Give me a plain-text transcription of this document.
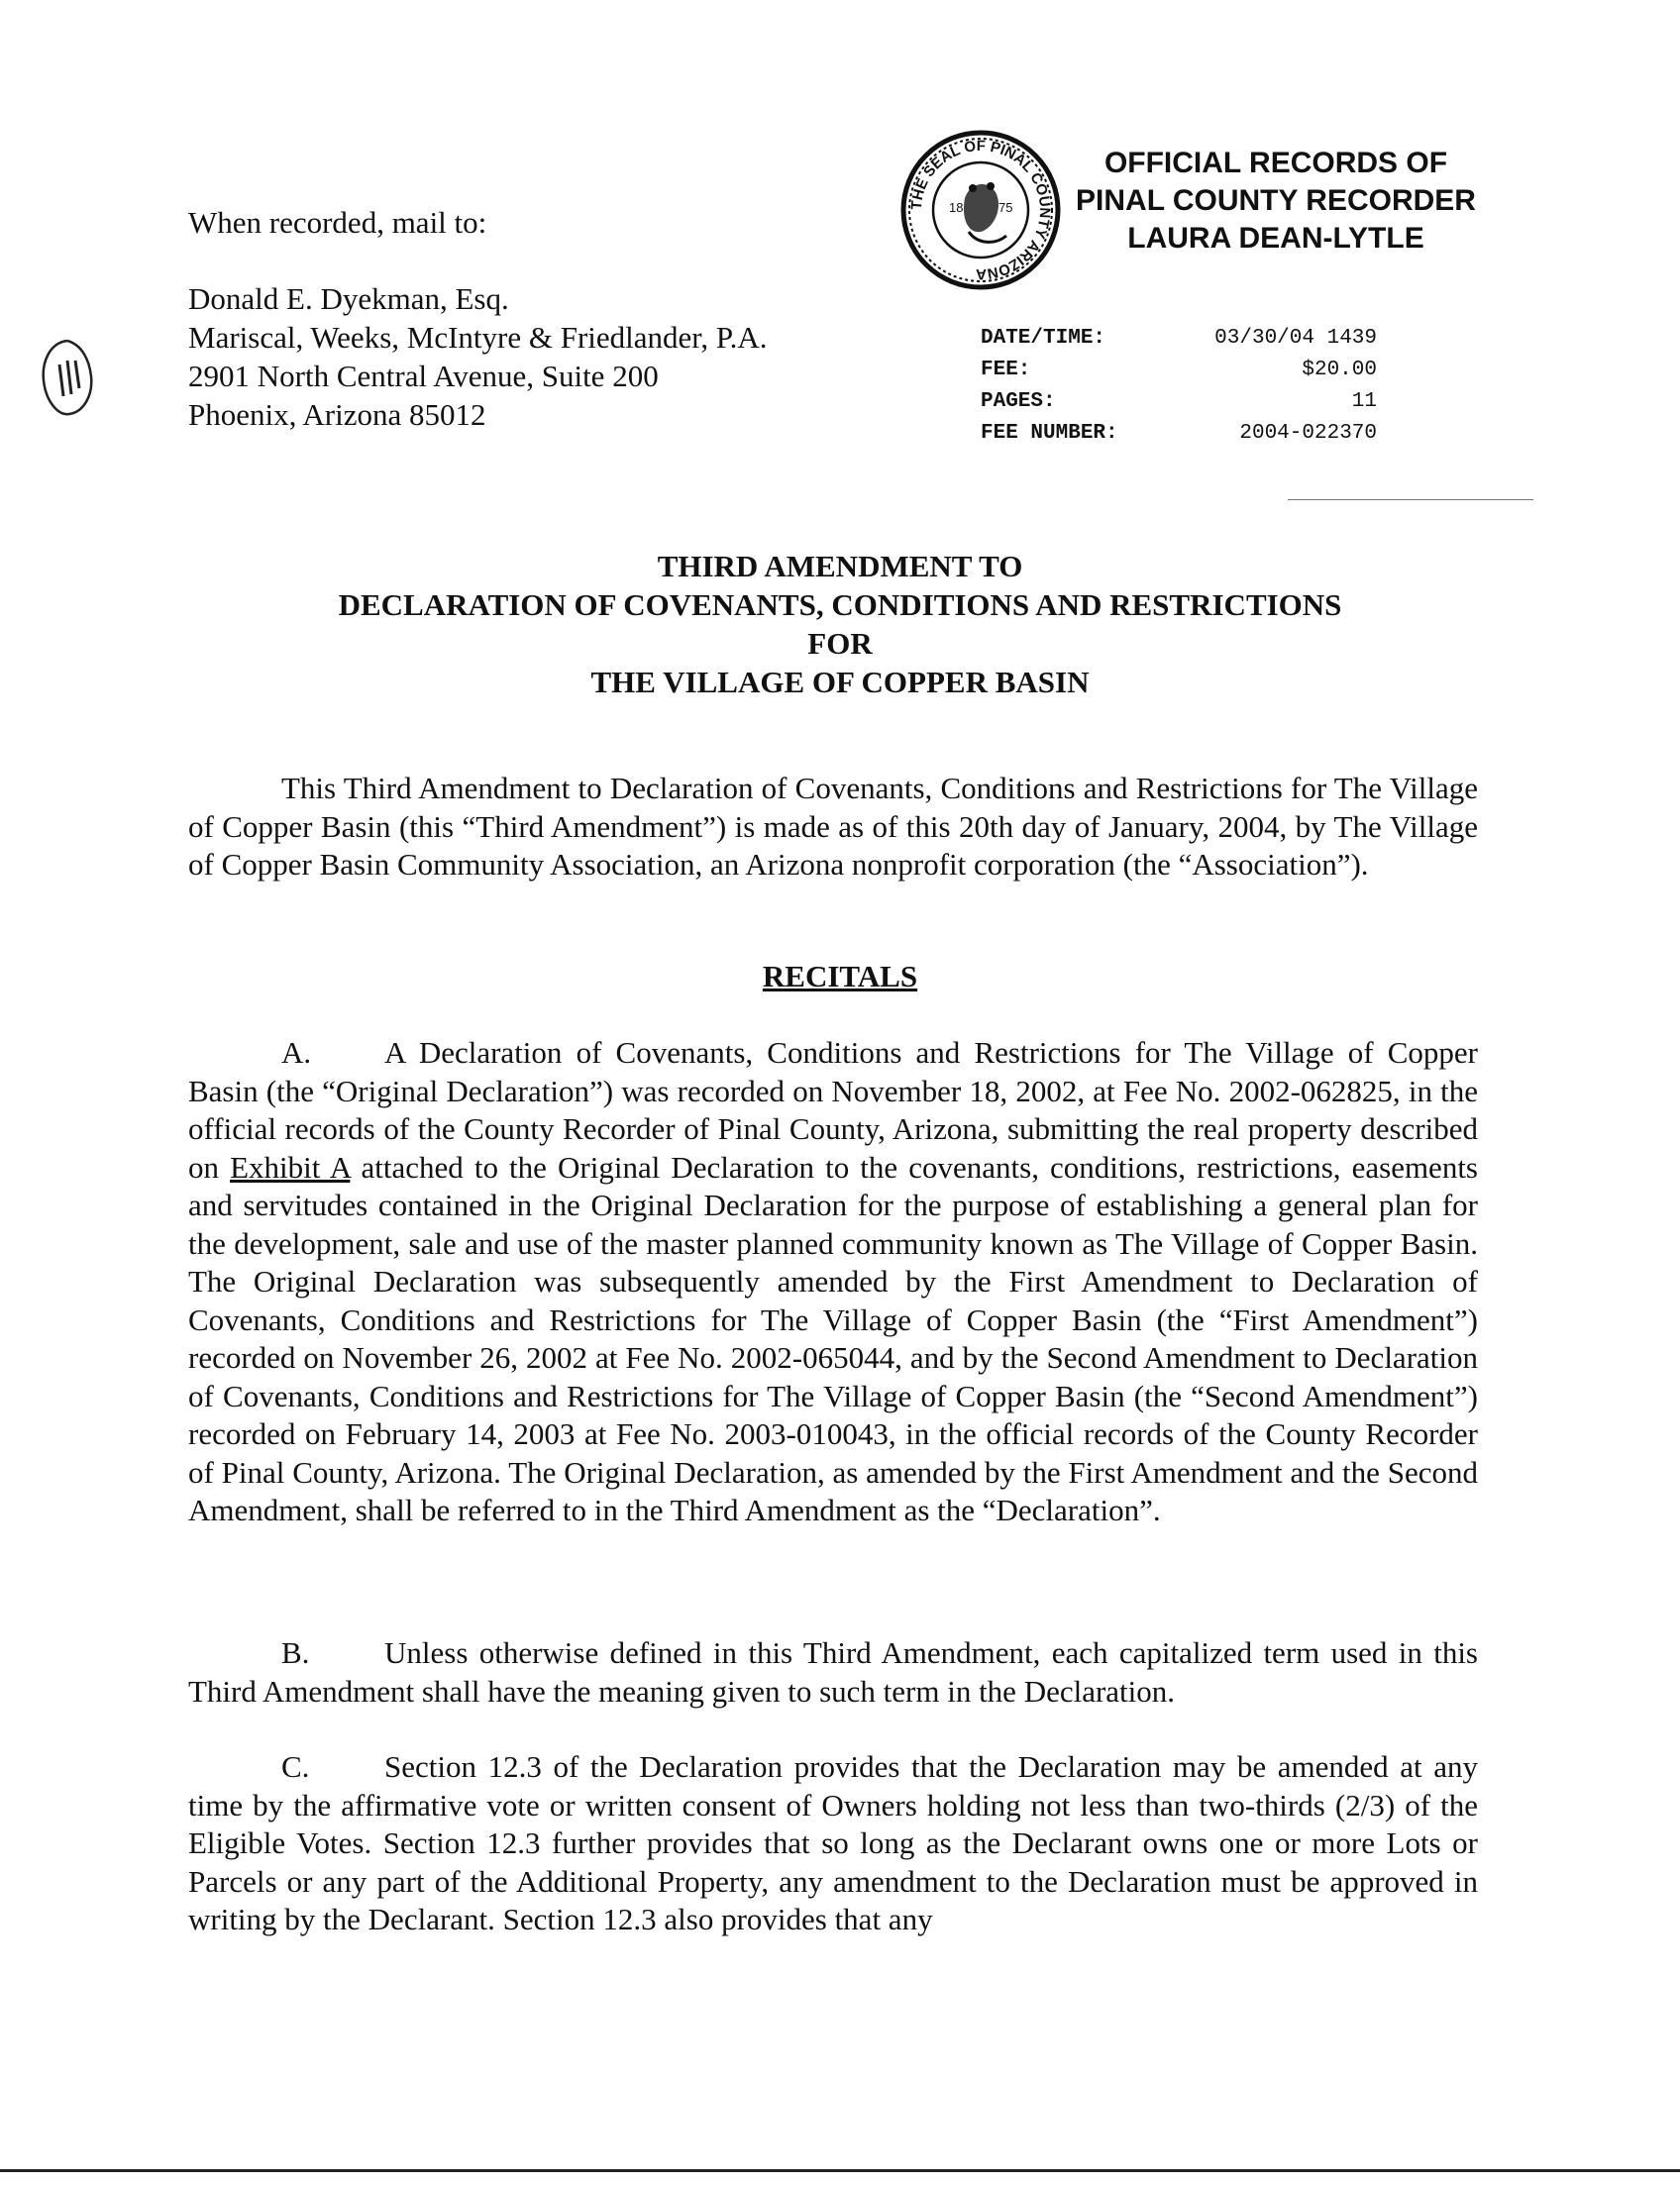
When recorded, mail to:
Donald E. Dyekman, Esq.
Mariscal, Weeks, McIntyre & Friedlander, P.A.
2901 North Central Avenue, Suite 200
Phoenix, Arizona 85012
THE SEAL OF PINAL COUNTY ARIZONA
18	75
OFFICIAL RECORDS OF
PINAL COUNTY RECORDER
LAURA DEAN-LYTLE
DATE/TIME:	03/30/04 1439
FEE:	$20.00
PAGES:	11
FEE NUMBER:	2004-022370
THIRD AMENDMENT TO
DECLARATION OF COVENANTS, CONDITIONS AND RESTRICTIONS
FOR
THE VILLAGE OF COPPER BASIN
This Third Amendment to Declaration of Covenants, Conditions and Restrictions for The Village of Copper Basin (this “Third Amendment”) is made as of this 20th day of January, 2004, by The Village of Copper Basin Community Association, an Arizona nonprofit corporation (the “Association”).
RECITALS
A. A Declaration of Covenants, Conditions and Restrictions for The Village of Copper Basin (the “Original Declaration”) was recorded on November 18, 2002, at Fee No. 2002-062825, in the official records of the County Recorder of Pinal County, Arizona, submitting the real property described on Exhibit A attached to the Original Declaration to the covenants, conditions, restrictions, easements and servitudes contained in the Original Declaration for the purpose of establishing a general plan for the development, sale and use of the master planned community known as The Village of Copper Basin. The Original Declaration was subsequently amended by the First Amendment to Declaration of Covenants, Conditions and Restrictions for The Village of Copper Basin (the “First Amendment”) recorded on November 26, 2002 at Fee No. 2002-065044, and by the Second Amendment to Declaration of Covenants, Conditions and Restrictions for The Village of Copper Basin (the “Second Amendment”) recorded on February 14, 2003 at Fee No. 2003-010043, in the official records of the County Recorder of Pinal County, Arizona. The Original Declaration, as amended by the First Amendment and the Second Amendment, shall be referred to in the Third Amendment as the “Declaration”.
B. Unless otherwise defined in this Third Amendment, each capitalized term used in this Third Amendment shall have the meaning given to such term in the Declaration.
C. Section 12.3 of the Declaration provides that the Declaration may be amended at any time by the affirmative vote or written consent of Owners holding not less than two-thirds (2/3) of the Eligible Votes. Section 12.3 further provides that so long as the Declarant owns one or more Lots or Parcels or any part of the Additional Property, any amendment to the Declaration must be approved in writing by the Declarant. Section 12.3 also provides that any
